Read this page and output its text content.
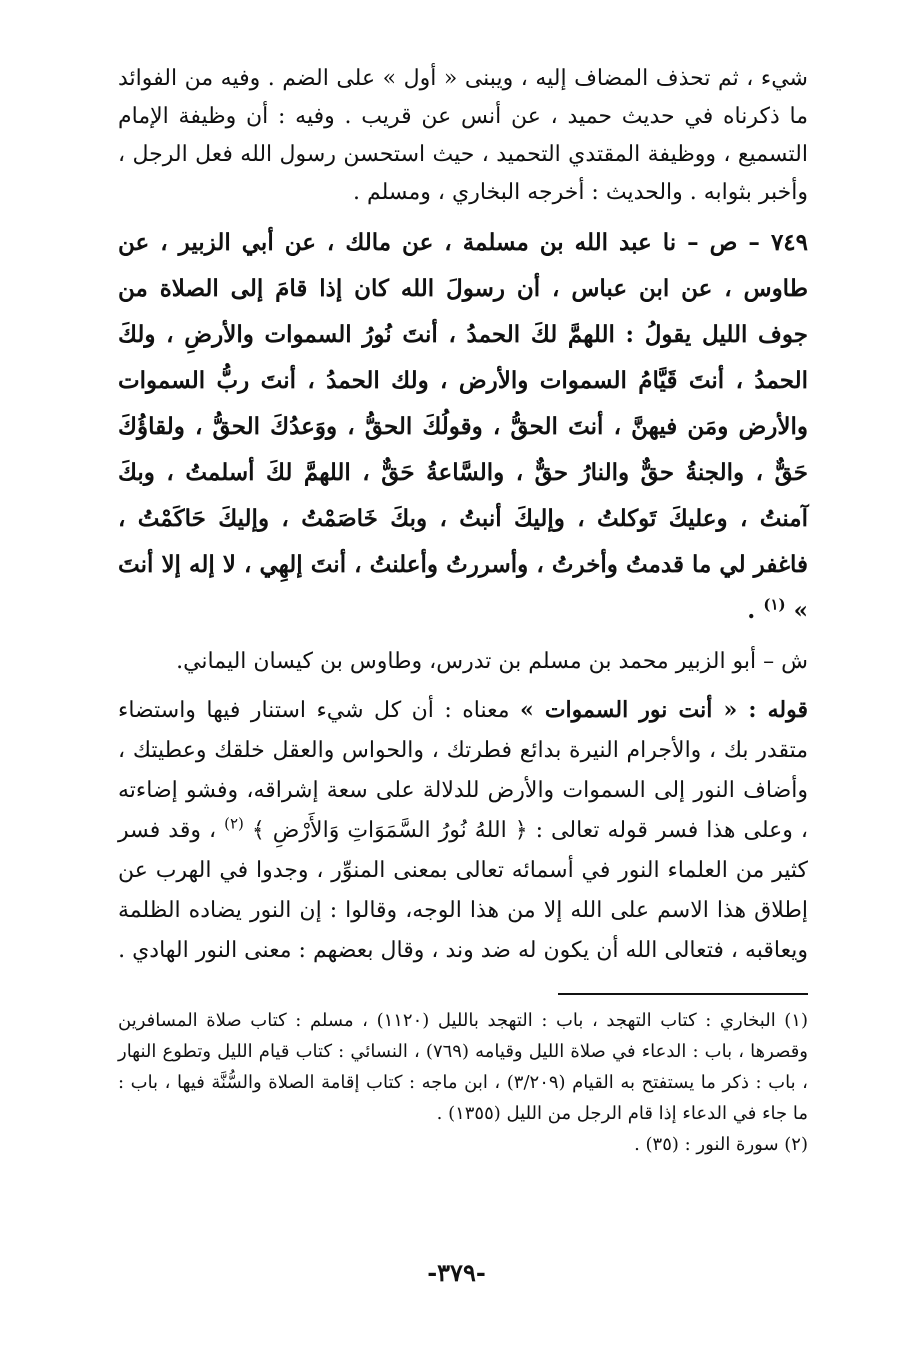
شيء ، ثم تحذف المضاف إليه ، ويبنى « أول » على الضم . وفيه من الفوائد ما ذكرناه في حديث حميد ، عن أنس عن قريب . وفيه : أن وظيفة الإمام التسميع ، ووظيفة المقتدي التحميد ، حيث استحسن رسول الله فعل الرجل ، وأخبر بثوابه . والحديث : أخرجه البخاري ، ومسلم .

٧٤٩ – ص – نا عبد الله بن مسلمة ، عن مالك ، عن أبي الزبير ، عن طاوس ، عن ابن عباس ، أن رسولَ الله كان إذا قامَ إلى الصلاة من جوف الليل يقولُ : اللهمَّ لكَ الحمدُ ، أنتَ نُورُ السموات والأرضِ ، ولكَ الحمدُ ، أنتَ قَيَّامُ السموات والأرض ، ولك الحمدُ ، أنتَ ربُّ السموات والأرض ومَن فيهنَّ ، أنتَ الحقُّ ، وقولُكَ الحقُّ ، ووَعدُكَ الحقُّ ، ولقاؤُكَ حَقٌّ ، والجنةُ حقٌّ والنارُ حقٌّ ، والسَّاعةُ حَقٌّ ، اللهمَّ لكَ أسلمتُ ، وبكَ آمنتُ ، وعليكَ تَوكلتُ ، وإليكَ أنبتُ ، وبكَ خَاصَمْتُ ، وإليكَ حَاكَمْتُ ، فاغفر لي ما قدمتُ وأخرتُ ، وأسررتُ وأعلنتُ ، أنتَ إلهِي ، لا إله إلا أنتَ » $^{(١)}$ .

ش – أبو الزبير محمد بن مسلم بن تدرس، وطاوس بن كيسان اليماني.

قوله : « أنت نور السموات » معناه : أن كل شيء استنار فيها واستضاء متقدر بك ، والأجرام النيرة بدائع فطرتك ، والحواس والعقل خلقك وعطيتك ، وأضاف النور إلى السموات والأرض للدلالة على سعة إشراقه، وفشو إضاءته ، وعلى هذا فسر قوله تعالى : ﴿ اللهُ نُورُ السَّمَوَاتِ وَالأَرْضِ ﴾ $^{(٢)}$ ، وقد فسر كثير من العلماء النور في أسمائه تعالى بمعنى المنوِّر ، وجدوا في الهرب عن إطلاق هذا الاسم على الله إلا من هذا الوجه، وقالوا : إن النور يضاده الظلمة ويعاقبه ، فتعالى الله أن يكون له ضد وند ، وقال بعضهم : معنى النور الهادي .

(١) البخاري : كتاب التهجد ، باب : التهجد بالليل (١١٢٠) ، مسلم : كتاب صلاة المسافرين وقصرها ، باب : الدعاء في صلاة الليل وقيامه (٧٦٩) ، النسائي : كتاب قيام الليل وتطوع النهار ، باب : ذكر ما يستفتح به القيام (٣/٢٠٩) ، ابن ماجه : كتاب إقامة الصلاة والسُّنَّة فيها ، باب : ما جاء في الدعاء إذا قام الرجل من الليل (١٣٥٥) .

(٢) سورة النور : (٣٥) .

-٣٧٩-
